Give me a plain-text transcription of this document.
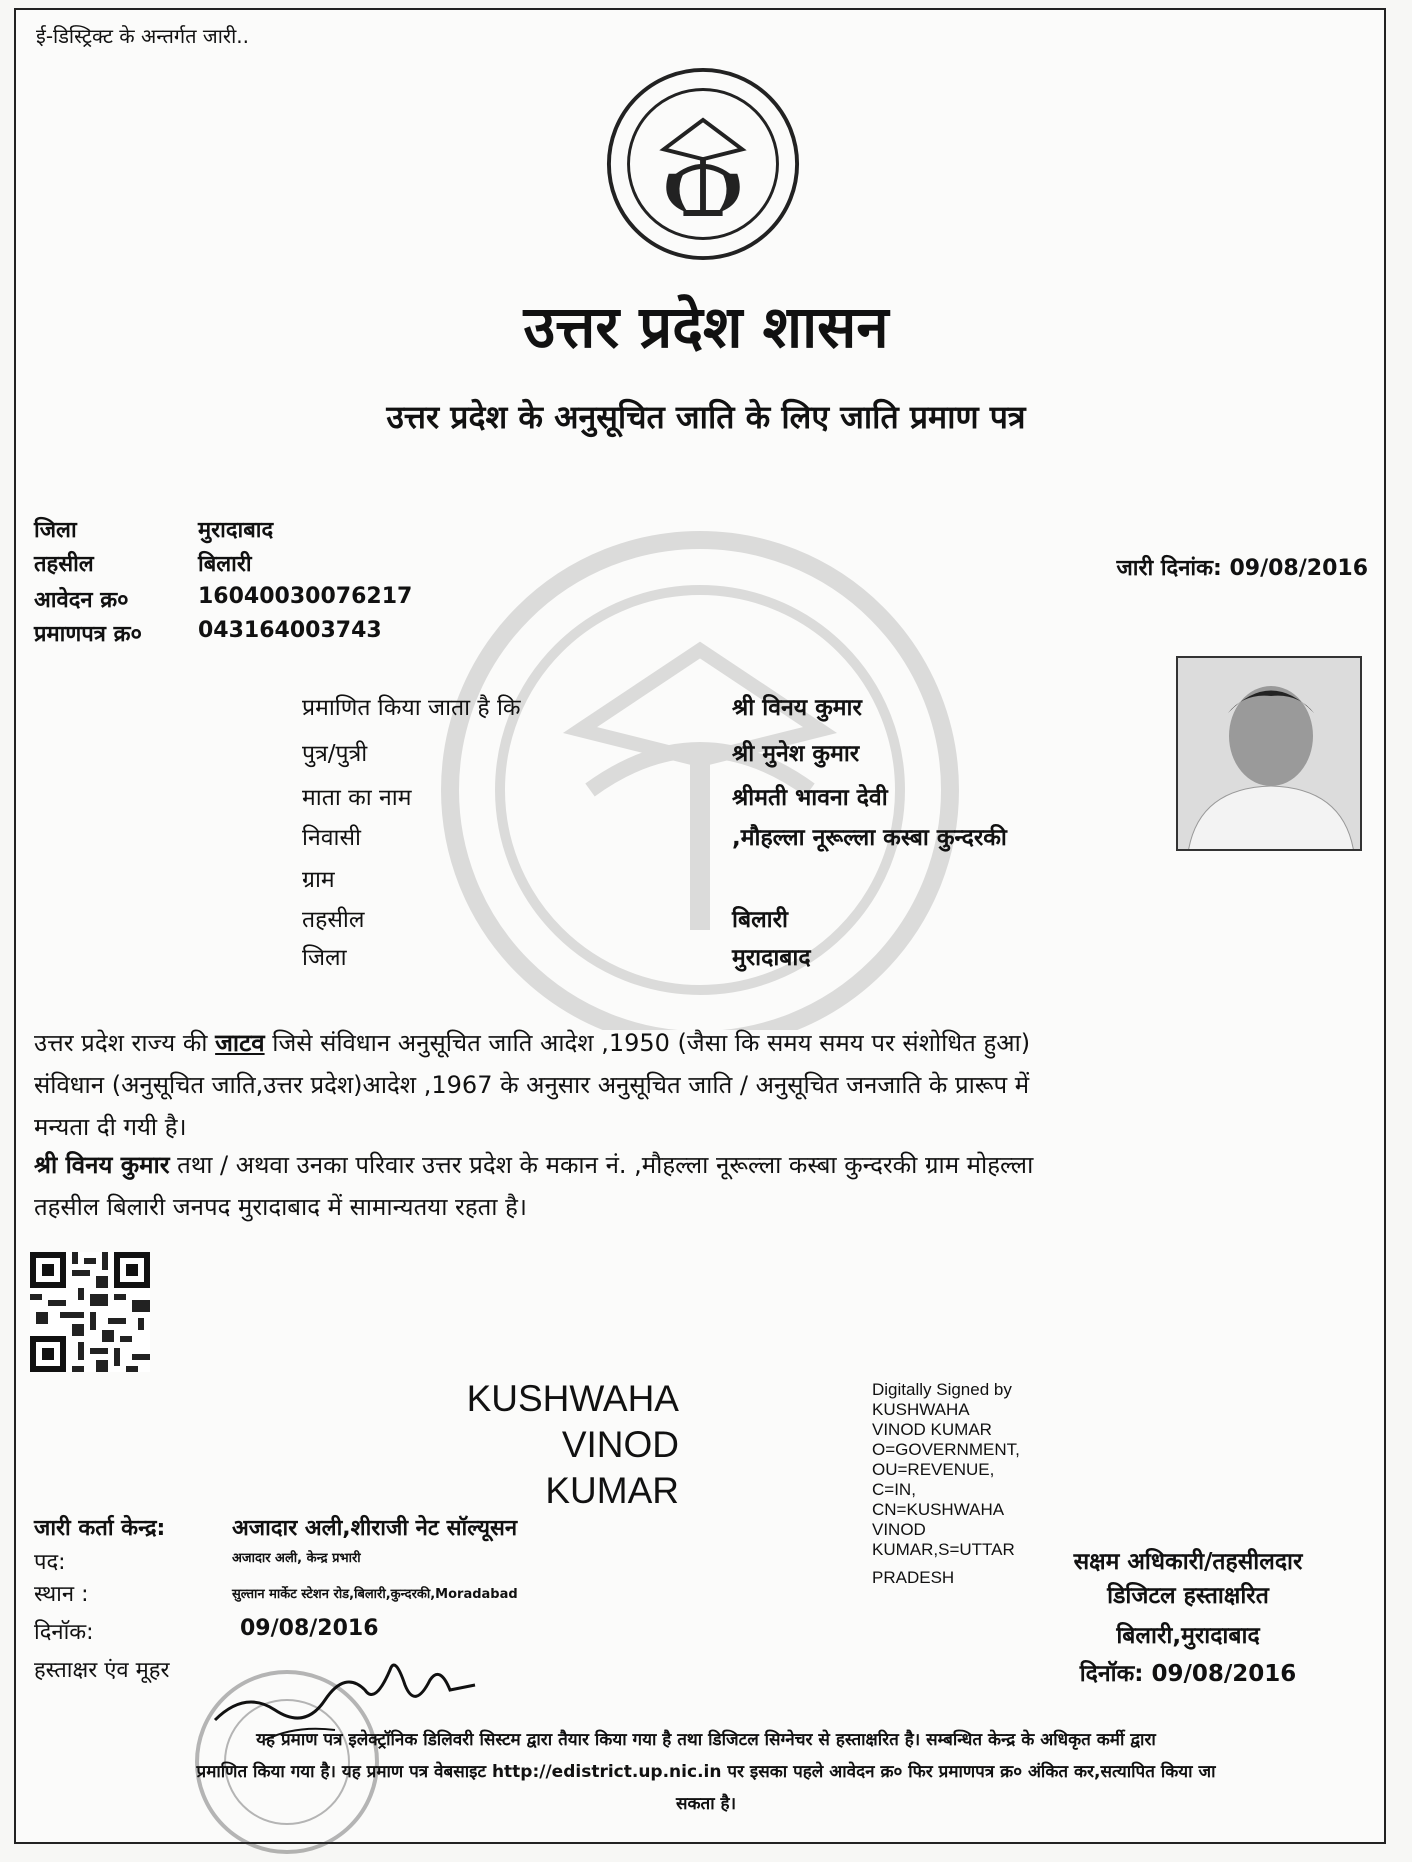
ई-डिस्ट्रिक्ट के अन्तर्गत जारी..
उत्तर प्रदेश शासन
उत्तर प्रदेश के अनुसूचित जाति के लिए जाति प्रमाण पत्र
जिला	मुरादाबाद
तहसील	बिलारी
आवेदन क्र०	16040030076217
प्रमाणपत्र क्र०	043164003743
जारी दिनांक: 09/08/2016
प्रमाणित किया जाता है कि	श्री विनय कुमार
पुत्र/पुत्री	श्री मुनेश कुमार
माता का नाम	श्रीमती भावना देवी
निवासी	,मौहल्ला नूरूल्ला कस्बा कुन्दरकी
ग्राम
तहसील	बिलारी
जिला	मुरादाबाद
उत्तर प्रदेश राज्य की जाटव जिसे संविधान अनुसूचित जाति आदेश ,1950 (जैसा कि समय समय पर संशोधित हुआ)
संविधान (अनुसूचित जाति,उत्तर प्रदेश)आदेश ,1967 के अनुसार अनुसूचित जाति / अनुसूचित जनजाति के प्रारूप में
मन्यता दी गयी है।
श्री विनय कुमार तथा / अथवा उनका परिवार उत्तर प्रदेश के मकान नं. ,मौहल्ला नूरूल्ला कस्बा कुन्दरकी ग्राम मोहल्ला
तहसील बिलारी जनपद मुरादाबाद में सामान्यतया रहता है।
KUSHWAHA
VINOD
KUMAR
Digitally Signed by
KUSHWAHA
VINOD KUMAR
O=GOVERNMENT,
OU=REVENUE,
C=IN,
CN=KUSHWAHA
VINOD
KUMAR,S=UTTAR
PRADESH
जारी कर्ता केन्द्र:	अजादार अली,शीराजी नेट सॉल्यूसन
पद:	अजादार अली, केन्द्र प्रभारी
स्थान :	सुल्तान मार्केट स्टेशन रोड,बिलारी,कुन्दरकी,Moradabad
दिनॉक:	09/08/2016
हस्ताक्षर एंव मूहर
सक्षम अधिकारी/तहसीलदार
डिजिटल हस्ताक्षरित
बिलारी,मुरादाबाद
दिनॉक: 09/08/2016
यह प्रमाण पत्र इलेक्ट्रॉनिक डिलिवरी सिस्टम द्वारा तैयार किया गया है तथा डिजिटल सिग्नेचर से हस्ताक्षरित है। सम्बन्धित केन्द्र के अधिकृत कर्मी द्वारा
प्रमाणित किया गया है। यह प्रमाण पत्र वेबसाइट http://edistrict.up.nic.in पर इसका पहले आवेदन क्र० फिर प्रमाणपत्र क्र० अंकित कर,सत्यापित किया जा
सकता है।
